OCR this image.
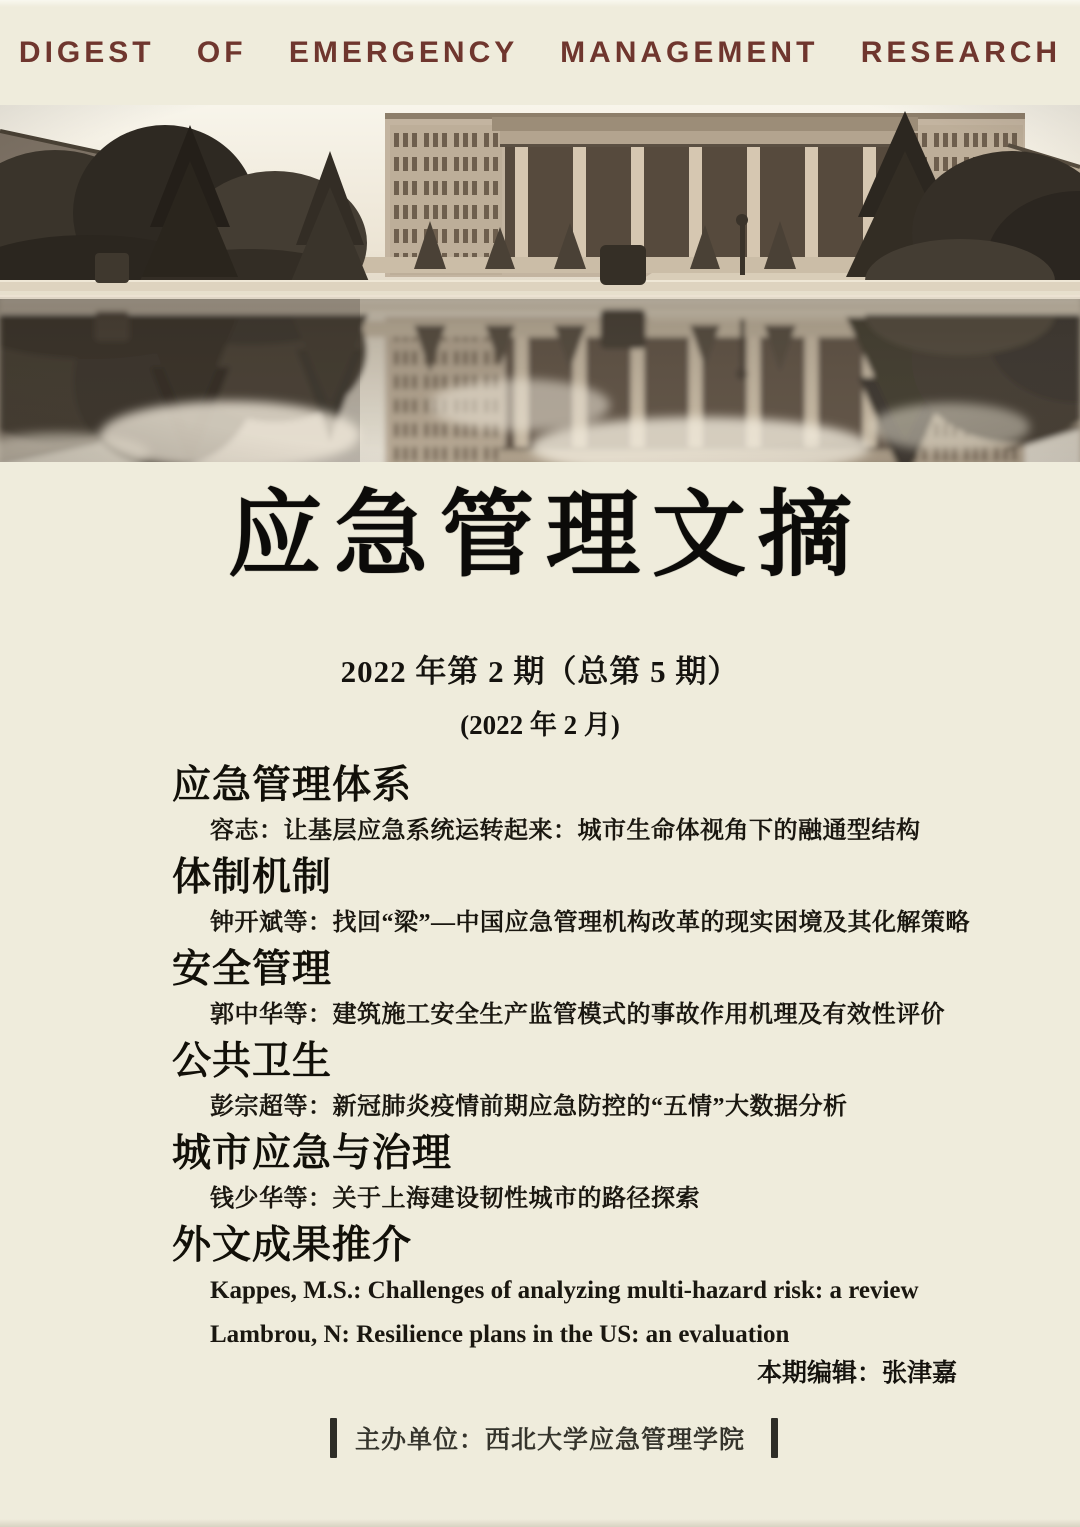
DIGEST OF EMERGENCY MANAGEMENT RESEARCH
应急管理文摘
2022 年第 2 期（总第 5 期）
(2022 年 2 月)
应急管理体系

容志：让基层应急系统运转起来：城市生命体视角下的融通型结构

体制机制

钟开斌等：找回“梁”—中国应急管理机构改革的现实困境及其化解策略

安全管理

郭中华等：建筑施工安全生产监管模式的事故作用机理及有效性评价

公共卫生

彭宗超等：新冠肺炎疫情前期应急防控的“五情”大数据分析

城市应急与治理

钱少华等：关于上海建设韧性城市的路径探索

外文成果推介

Kappes, M.S.: Challenges of analyzing multi-hazard risk: a review

Lambrou, N: Resilience plans in the US: an evaluation

本期编辑：张津嘉
主办单位：西北大学应急管理学院
